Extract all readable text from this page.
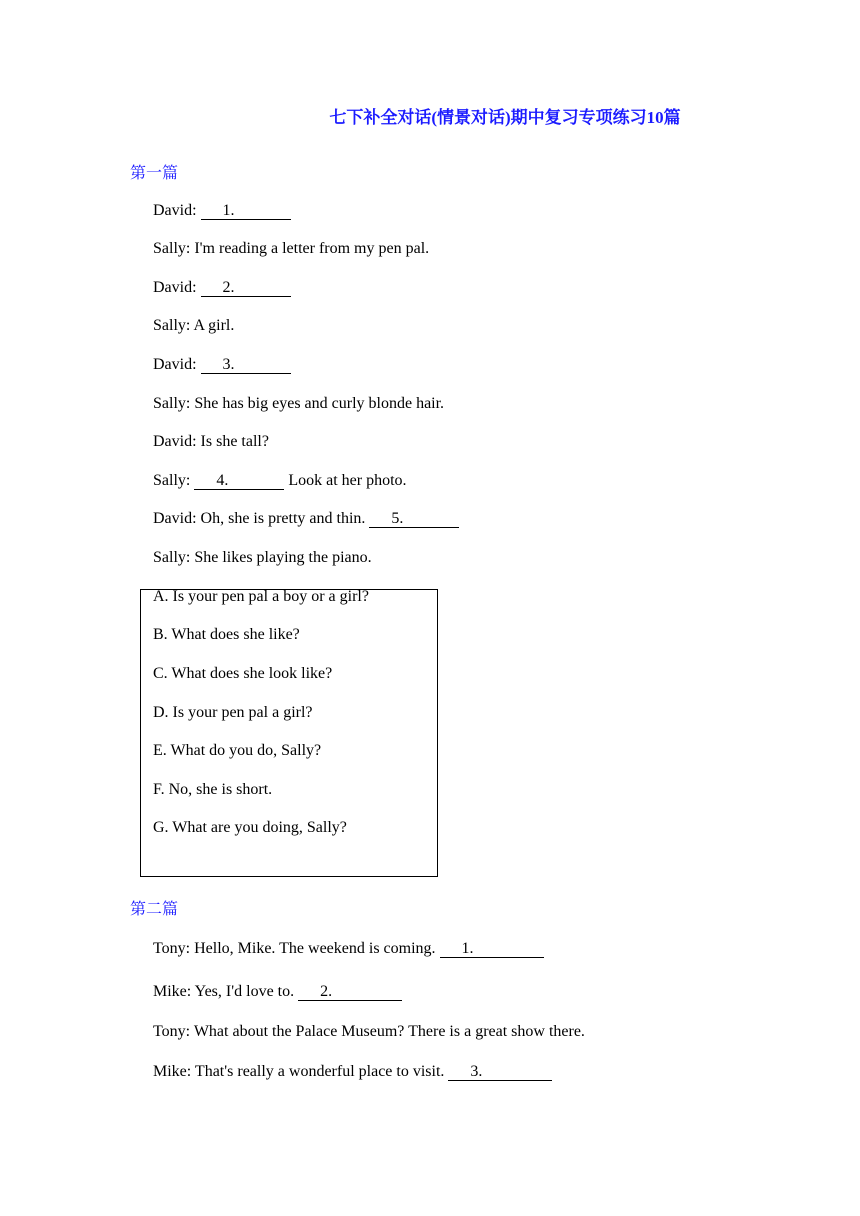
七下补全对话(情景对话)期中复习专项练习10篇
第一篇
David: 1.
Sally: I'm reading a letter from my pen pal.
David: 2.
Sally: A girl.
David: 3.
Sally: She has big eyes and curly blonde hair.
David: Is she tall?
Sally: 4.	Look at her photo.
David: Oh, she is pretty and thin. 5.
Sally: She likes playing the piano.
A. Is your pen pal a boy or a girl?
B. What does she like?
C. What does she look like?
D. Is your pen pal a girl?
E. What do you do, Sally?
F. No, she is short.
G. What are you doing, Sally?
第二篇
Tony: Hello, Mike. The weekend is coming. 1.
Mike: Yes, I'd love to. 2.
Tony: What about the Palace Museum? There is a great show there.
Mike: That's really a wonderful place to visit. 3.
